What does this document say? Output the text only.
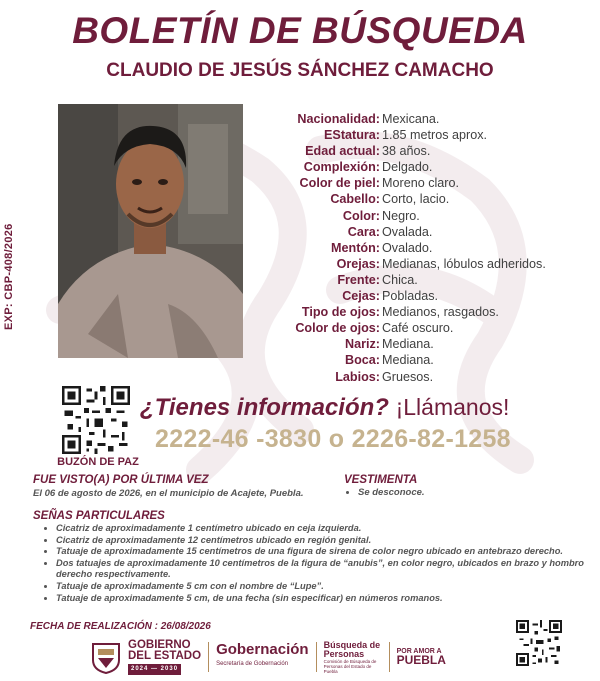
BOLETÍN DE BÚSQUEDA
CLAUDIO DE JESÚS SÁNCHEZ CAMACHO
EXP: CBP-408/2026
Nacionalidad: Mexicana.
EStatura: 1.85 metros aprox.
Edad actual: 38 años.
Complexión: Delgado.
Color de piel: Moreno claro.
Cabello: Corto, lacio.
Color: Negro.
Cara: Ovalada.
Mentón: Ovalado.
Orejas: Medianas, lóbulos adheridos.
Frente: Chica.
Cejas: Pobladas.
Tipo de ojos: Medianos, rasgados.
Color de ojos: Café oscuro.
Nariz: Mediana.
Boca: Mediana.
Labios: Gruesos.
BUZÓN DE PAZ
¿Tienes información? ¡Llámanos!
2222-46 -3830 o 2226-82-1258
FUE VISTO(A) POR ÚLTIMA VEZ
El 06 de agosto de 2026, en el municipio de Acajete, Puebla.
VESTIMENTA
• Se desconoce.
SEÑAS PARTICULARES
• Cicatriz de aproximadamente 1 centímetro ubicado en ceja izquierda.
• Cicatriz de aproximadamente 12 centímetros ubicado en región genital.
• Tatuaje de aproximadamente 15 centímetros de una figura de sirena de color negro ubicado en antebrazo derecho.
• Dos tatuajes de aproximadamente 10 centímetros de la figura de “anubis”, en color negro, ubicados en brazo y hombro derecho respectivamente.
• Tatuaje de aproximadamente 5 cm con el nombre de “Lupe”.
• Tatuaje de aproximadamente 5 cm, de una fecha (sin especificar) en números romanos.
FECHA DE REALIZACIÓN : 26/08/2026
GOBIERNO
DEL ESTADO
2024 — 2030
Gobernación
Secretaría de Gobernación
Búsqueda de Personas
Comisión de Búsqueda de Personas del Estado de Puebla
POR AMOR A
PUEBLA
